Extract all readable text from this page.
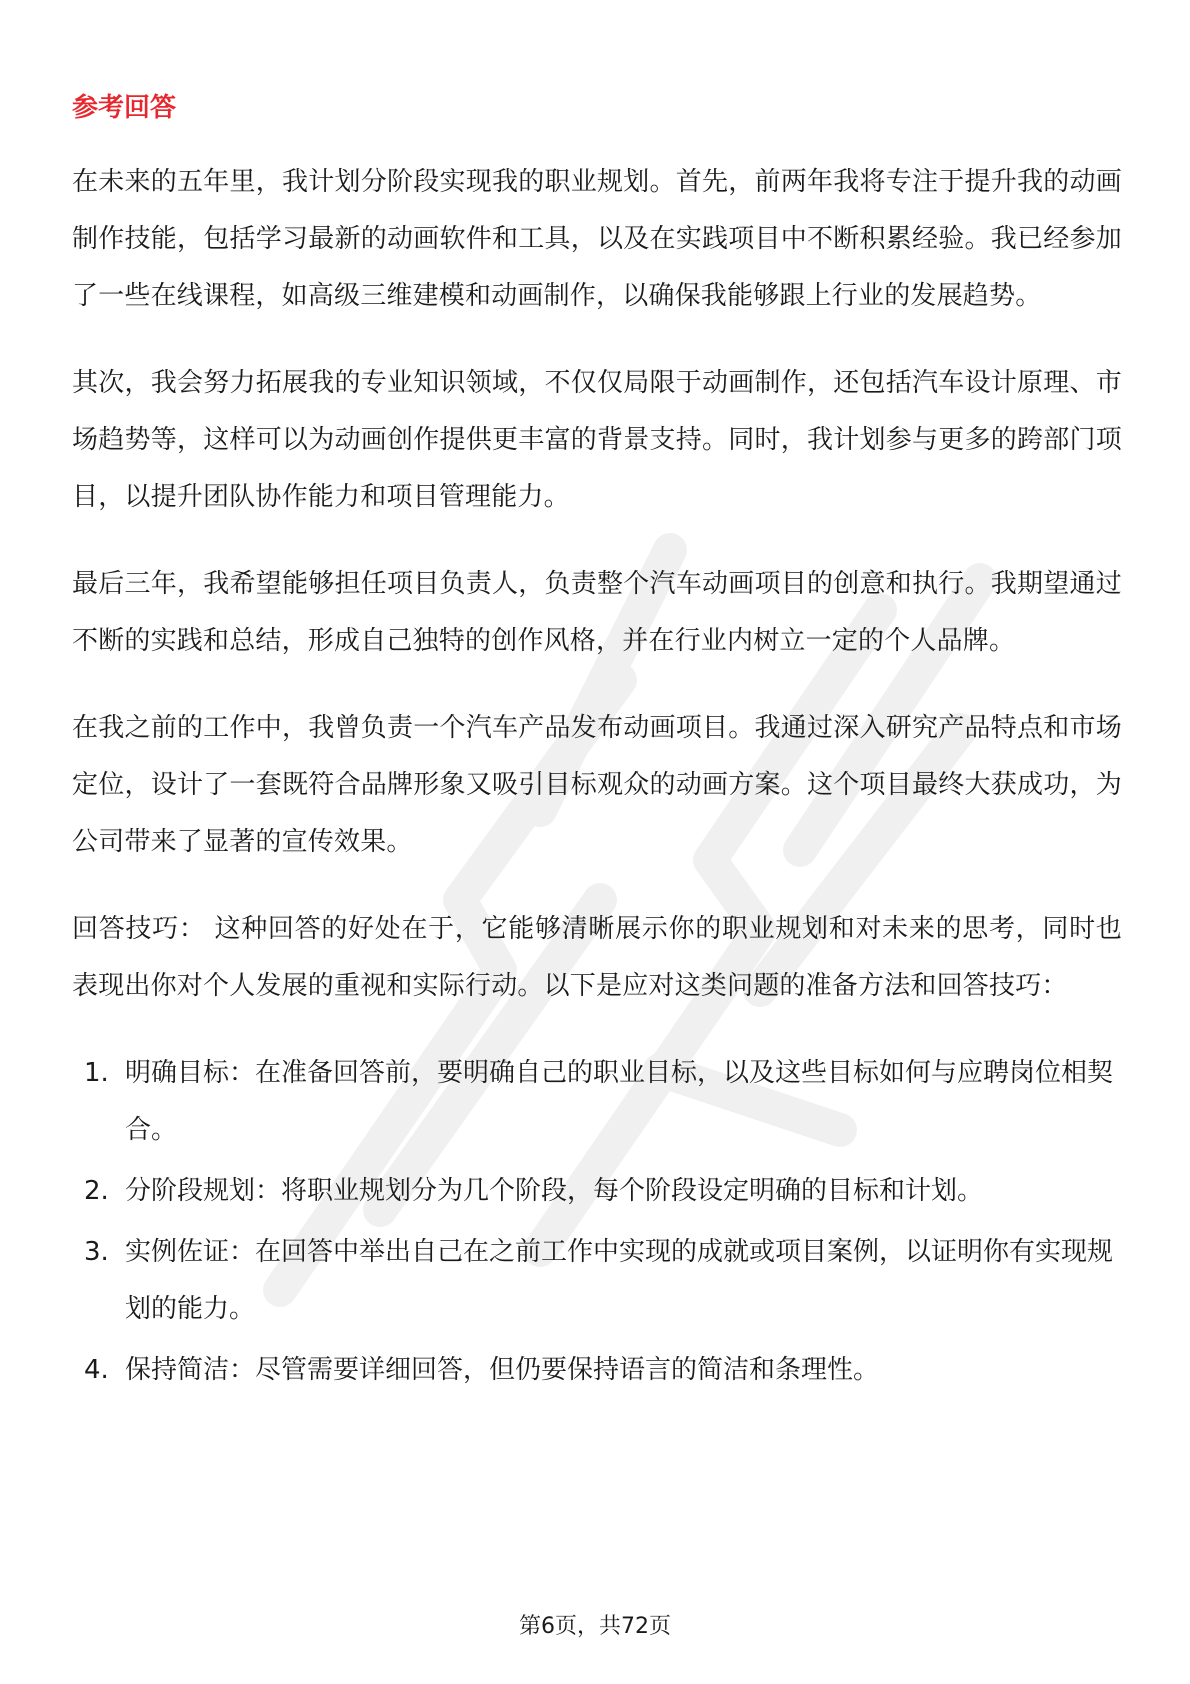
参考回答

在未来的五年里，我计划分阶段实现我的职业规划。首先，前两年我将专注于提升我的动画制作技能，包括学习最新的动画软件和工具，以及在实践项目中不断积累经验。我已经参加了一些在线课程，如高级三维建模和动画制作，以确保我能够跟上行业的发展趋势。

其次，我会努力拓展我的专业知识领域，不仅仅局限于动画制作，还包括汽车设计原理、市场趋势等，这样可以为动画创作提供更丰富的背景支持。同时，我计划参与更多的跨部门项目，以提升团队协作能力和项目管理能力。

最后三年，我希望能够担任项目负责人，负责整个汽车动画项目的创意和执行。我期望通过不断的实践和总结，形成自己独特的创作风格，并在行业内树立一定的个人品牌。

在我之前的工作中，我曾负责一个汽车产品发布动画项目。我通过深入研究产品特点和市场定位，设计了一套既符合品牌形象又吸引目标观众的动画方案。这个项目最终大获成功，为公司带来了显著的宣传效果。

回答技巧： 这种回答的好处在于，它能够清晰展示你的职业规划和对未来的思考，同时也表现出你对个人发展的重视和实际行动。以下是应对这类问题的准备方法和回答技巧：

1. 明确目标：在准备回答前，要明确自己的职业目标，以及这些目标如何与应聘岗位相契合。
2. 分阶段规划：将职业规划分为几个阶段，每个阶段设定明确的目标和计划。
3. 实例佐证：在回答中举出自己在之前工作中实现的成就或项目案例，以证明你有实现规划的能力。
4. 保持简洁：尽管需要详细回答，但仍要保持语言的简洁和条理性。
第6页，共72页
